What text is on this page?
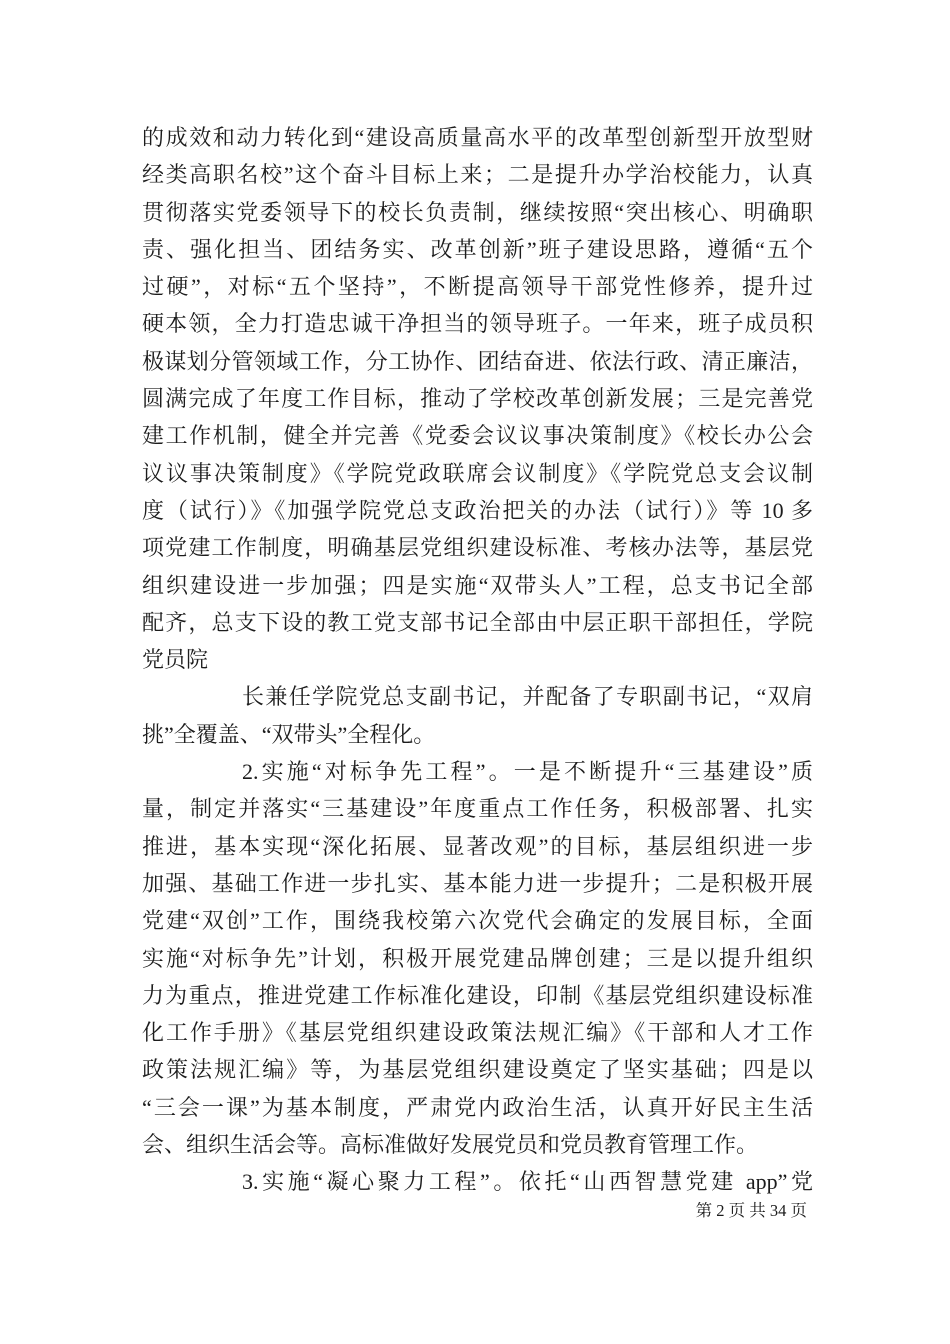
的成效和动力转化到“建设高质量高水平的改革型创新型开放型财
经类高职名校”这个奋斗目标上来；二是提升办学治校能力，认真
贯彻落实党委领导下的校长负责制，继续按照“突出核心、明确职
责、强化担当、团结务实、改革创新”班子建设思路，遵循“五个
过硬”，对标“五个坚持”，不断提高领导干部党性修养，提升过
硬本领，全力打造忠诚干净担当的领导班子。一年来，班子成员积
极谋划分管领域工作，分工协作、团结奋进、依法行政、清正廉洁，
圆满完成了年度工作目标，推动了学校改革创新发展；三是完善党
建工作机制，健全并完善《党委会议议事决策制度》《校长办公会
议议事决策制度》《学院党政联席会议制度》《学院党总支会议制
度（试行）》《加强学院党总支政治把关的办法（试行）》等 10 多
项党建工作制度，明确基层党组织建设标准、考核办法等，基层党
组织建设进一步加强；四是实施“双带头人”工程，总支书记全部
配齐，总支下设的教工党支部书记全部由中层正职干部担任，学院
党员院
长兼任学院党总支副书记，并配备了专职副书记，“双肩
挑”全覆盖、“双带头”全程化。
2.实施“对标争先工程”。一是不断提升“三基建设”质
量，制定并落实“三基建设”年度重点工作任务，积极部署、扎实
推进，基本实现“深化拓展、显著改观”的目标，基层组织进一步
加强、基础工作进一步扎实、基本能力进一步提升；二是积极开展
党建“双创”工作，围绕我校第六次党代会确定的发展目标，全面
实施“对标争先”计划，积极开展党建品牌创建；三是以提升组织
力为重点，推进党建工作标准化建设，印制《基层党组织建设标准
化工作手册》《基层党组织建设政策法规汇编》《干部和人才工作
政策法规汇编》等，为基层党组织建设奠定了坚实基础；四是以
“三会一课”为基本制度，严肃党内政治生活，认真开好民主生活
会、组织生活会等。高标准做好发展党员和党员教育管理工作。
3.实施“凝心聚力工程”。依托“山西智慧党建 app”党
第 2 页 共 34 页
